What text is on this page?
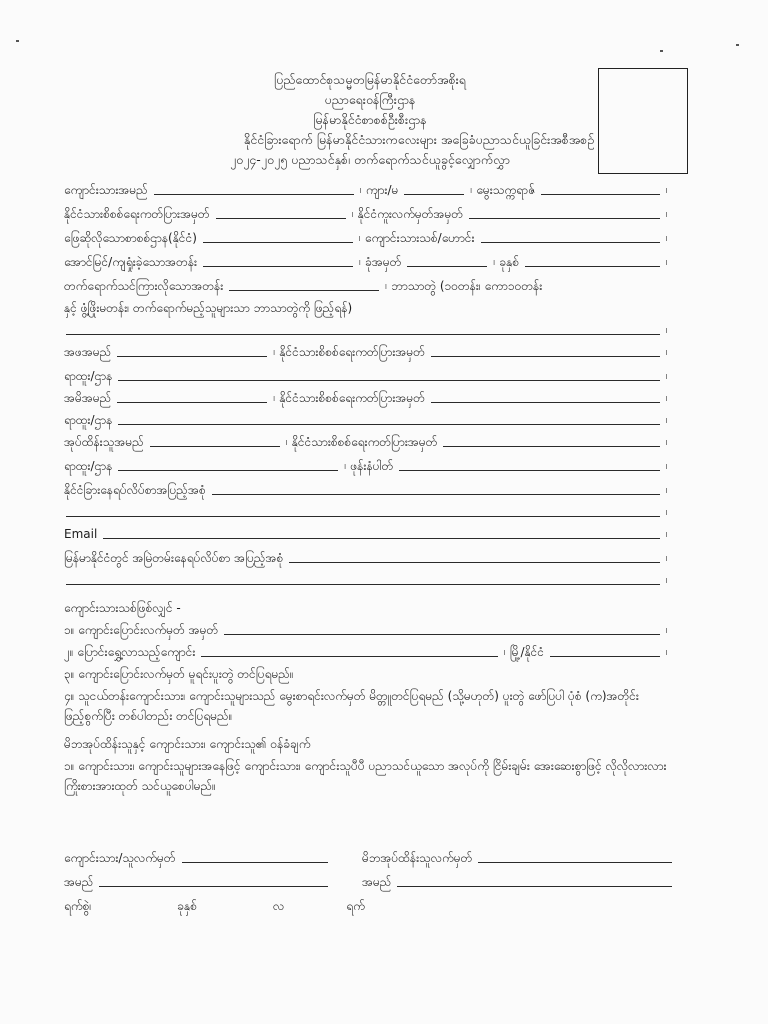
ပြည်ထောင်စုသမ္မတမြန်မာနိုင်ငံတော်အစိုးရ
ပညာရေးဝန်ကြီးဌာန
မြန်မာနိုင်ငံစာစစ်ဦးစီးဌာန
နိုင်ငံခြားရောက် မြန်မာနိုင်ငံသားကလေးများ အခြေခံပညာသင်ယူခြင်းအစီအစဉ်
၂၀၂၄-၂၀၂၅ ပညာသင်နှစ်၊ တက်ရောက်သင်ယူခွင့်လျှောက်လွှာ
ကျောင်းသားအမည်	၊ ကျား/မ	၊ မွေးသက္ကရာဇ်	၊
နိုင်ငံသားစိစစ်ရေးကတ်ပြားအမှတ်	၊ နိုင်ငံကူးလက်မှတ်အမှတ်	၊
ဖြေဆိုလိုသောစာစစ်ဌာန(နိုင်ငံ)	၊ ကျောင်းသားသစ်/ဟောင်း	၊
အောင်မြင်/ကျရှုံးခဲ့သောအတန်း	၊ ခုံအမှတ်	၊ ခုနှစ်	၊
တက်ရောက်သင်ကြားလိုသောအတန်း	၊ ဘာသာတွဲ (၁၀တန်း၊ ကော၁၀တန်း
နှင့် ဖွံ့ဖြိုးမတန်း၊ တက်ရောက်မည့်သူများသာ ဘာသာတွဲကို ဖြည့်ရန်)
၊
အဖအမည်	၊ နိုင်ငံသားစိစစ်ရေးကတ်ပြားအမှတ်	၊
ရာထူး/ဌာန	၊
အမိအမည်	၊ နိုင်ငံသားစိစစ်ရေးကတ်ပြားအမှတ်	၊
ရာထူး/ဌာန	၊
အုပ်ထိန်းသူအမည်	၊ နိုင်ငံသားစိစစ်ရေးကတ်ပြားအမှတ်	၊
ရာထူး/ဌာန	၊ ဖုန်းနံပါတ်	၊
နိုင်ငံခြားနေရပ်လိပ်စာအပြည့်အစုံ	၊
၊
Email	၊
မြန်မာနိုင်ငံတွင် အမြဲတမ်းနေရပ်လိပ်စာ အပြည့်အစုံ	၊
၊
ကျောင်းသားသစ်ဖြစ်လျှင် -
၁။ ကျောင်းပြောင်းလက်မှတ် အမှတ်	၊
၂။ ပြောင်းရွှေ့လာသည့်ကျောင်း	၊ မြို့/နိုင်ငံ	၊
၃။ ကျောင်းပြောင်းလက်မှတ် မူရင်းပူးတွဲ တင်ပြရမည်။
၄။ သူငယ်တန်းကျောင်းသား၊ ကျောင်းသူများသည် မွေးစာရင်းလက်မှတ် မိတ္တူတင်ပြရမည် (သို့မဟုတ်) ပူးတွဲ ဖော်ပြပါ ပုံစံ (က)အတိုင်း ဖြည့်စွက်ပြီး တစ်ပါတည်း တင်ပြရမည်။
မိဘအုပ်ထိန်းသူနှင့် ကျောင်းသား၊ ကျောင်းသူ၏ ဝန်ခံချက်
၁။ ကျောင်းသား၊ ကျောင်းသူများအနေဖြင့် ကျောင်းသား၊ ကျောင်းသူပီပီ ပညာသင်ယူသော အလုပ်ကို ငြိမ်းချမ်း အေးဆေးစွာဖြင့် လိုလိုလားလား ကြိုးစားအားထုတ် သင်ယူစေပါမည်။
ကျောင်းသား/သူလက်မှတ်	မိဘအုပ်ထိန်းသူလက်မှတ်
အမည်	အမည်
ရက်စွဲ၊	ခုနှစ်	လ	ရက်
